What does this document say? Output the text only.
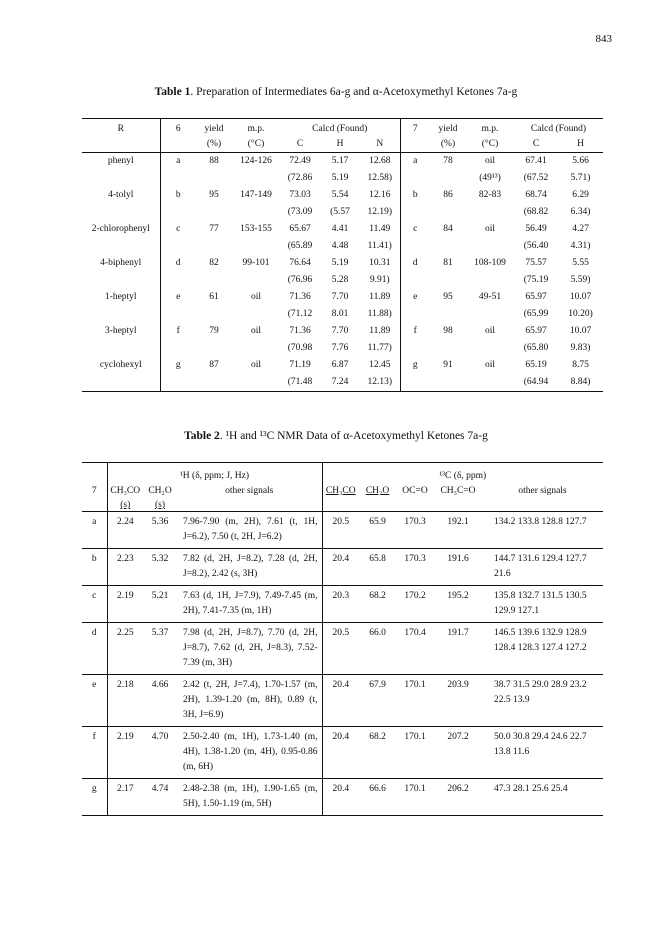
843
Table 1. Preparation of Intermediates 6a-g and α-Acetoxymethyl Ketones 7a-g
R	6	yield	m.p.	Calcd (Found)			7	yield	m.p.	Calcd (Found)	
		(%)	(°C)	C	H	N		(%)	(°C)	C	H
phenyl	a	88	124-126	72.49	5.17	12.68	a	78	oil	67.41	5.66
				(72.86	5.19	12.58)			(49¹³)	(67.52	5.71)
4-tolyl	b	95	147-149	73.03	5.54	12.16	b	86	82-83	68.74	6.29
				(73.09	(5.57	12.19)				(68.82	6.34)
2-chlorophenyl	c	77	153-155	65.67	4.41	11.49	c	84	oil	56.49	4.27
				(65.89	4.48	11.41)				(56.40	4.31)
4-biphenyl	d	82	99-101	76.64	5.19	10.31	d	81	108-109	75.57	5.55
				(76.96	5.28	9.91)				(75.19	5.59)
1-heptyl	e	61	oil	71.36	7.70	11.89	e	95	49-51	65.97	10.07
				(71.12	8.01	11.88)				(65.99	10.20)
3-heptyl	f	79	oil	71.36	7.70	11.89	f	98	oil	65.97	10.07
				(70.98	7.76	11.77)				(65.80	9.83)
cyclohexyl	g	87	oil	71.19	6.87	12.45	g	91	oil	65.19	8.75
				(71.48	7.24	12.13)				(64.94	8.84)
Table 2. ¹H and ¹³C NMR Data of α-Acetoxymethyl Ketones 7a-g
	¹H (δ, ppm; J, Hz)			¹³C (δ, ppm)				
7	CH₃CO	CH₂O	other signals	CH₃CO	CH₂O	OC=O	CH₃C=O	other signals
	(s)	(s)						
a	2.24	5.36	7.96-7.90 (m, 2H), 7.61 (t, 1H, J=6.2), 7.50 (t, 2H, J=6.2)	20.5	65.9	170.3	192.1	134.2 133.8 128.8 127.7
b	2.23	5.32	7.82 (d, 2H, J=8.2), 7.28 (d, 2H, J=8.2), 2.42 (s, 3H)	20.4	65.8	170.3	191.6	144.7 131.6 129.4 127.7 21.6
c	2.19	5.21	7.63 (d, 1H, J=7.9), 7.49-7.45 (m, 2H), 7.41-7.35 (m, 1H)	20.3	68.2	170.2	195.2	135.8 132.7 131.5 130.5 129.9 127.1
d	2.25	5.37	7.98 (d, 2H, J=8.7), 7.70 (d, 2H, J=8.7), 7.62 (d, 2H, J=8.3), 7.52-7.39 (m, 3H)	20.5	66.0	170.4	191.7	146.5 139.6 132.9 128.9 128.4 128.3 127.4 127.2
e	2.18	4.66	2.42 (t, 2H, J=7.4), 1.70-1.57 (m, 2H), 1.39-1.20 (m, 8H), 0.89 (t, 3H, J=6.9)	20.4	67.9	170.1	203.9	38.7 31.5 29.0 28.9 23.2 22.5 13.9
f	2.19	4.70	2.50-2.40 (m, 1H), 1.73-1.40 (m, 4H), 1.38-1.20 (m, 4H), 0.95-0.86 (m, 6H)	20.4	68.2	170.1	207.2	50.0 30.8 29.4 24.6 22.7 13.8 11.6
g	2.17	4.74	2.48-2.38 (m, 1H), 1.90-1.65 (m, 5H), 1.50-1.19 (m, 5H)	20.4	66.6	170.1	206.2	47.3 28.1 25.6 25.4
